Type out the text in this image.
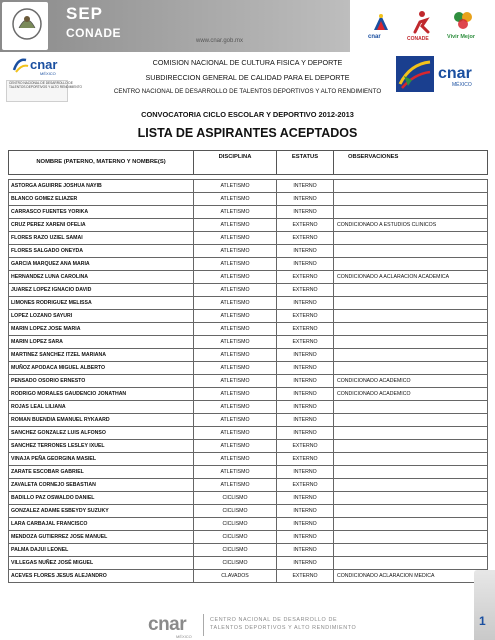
SEP
CONADE
www.cnar.gob.mx
cnar	CONADE	Vivir Mejor
cnar
MÉXICO
CENTRO NACIONAL DE DESARROLLO DE
TALENTOS DEPORTIVOS Y ALTO RENDIMIENTO
cnar
MÉXICO
COMISION NACIONAL DE CULTURA FISICA Y DEPORTE
SUBDIRECCION GENERAL DE CALIDAD PARA EL DEPORTE
CENTRO NACIONAL DE DESARROLLO DE TALENTOS DEPORTIVOS Y ALTO RENDIMIENTO
CONVOCATORIA CICLO ESCOLAR Y DEPORTIVO 2012-2013
LISTA DE ASPIRANTES ACEPTADOS
NOMBRE (PATERNO, MATERNO Y NOMBRE(S)	DISCIPLINA	ESTATUS	OBSERVACIONES

ASTORGA AGUIRRE JOSHUA NAYIB	ATLETISMO	INTERNO	
BLANCO GOMEZ ELIAZER	ATLETISMO	INTERNO	
CARRASCO FUENTES YORIKA	ATLETISMO	INTERNO	
CRUZ PEREZ XARENI OFELIA	ATLETISMO	EXTERNO	CONDICIONADO A ESTUDIOS CLINICOS
FLORES RAZO UZIEL SAMAI	ATLETISMO	EXTERNO	
FLORES SALGADO ONEYDA	ATLETISMO	INTERNO	
GARCIA MARQUEZ ANA MARIA	ATLETISMO	INTERNO	
HERNANDEZ LUNA CAROLINA	ATLETISMO	EXTERNO	CONDICIONADO A ACLARACION ACADEMICA
JUAREZ LOPEZ IGNACIO DAVID	ATLETISMO	EXTERNO	
LIMONES RODRIGUEZ MELISSA	ATLETISMO	INTERNO	
LOPEZ LOZANO SAYURI	ATLETISMO	EXTERNO	
MARIN LOPEZ JOSE MARIA	ATLETISMO	EXTERNO	
MARIN LOPEZ SARA	ATLETISMO	EXTERNO	
MARTINEZ SANCHEZ ITZEL MARIANA	ATLETISMO	INTERNO	
MUÑOZ APODACA MIGUEL ALBERTO	ATLETISMO	INTERNO	
PENSADO OSORIO ERNESTO	ATLETISMO	INTERNO	CONDICIONADO ACADEMICO
RODRIGO MORALES GAUDENCIO JONATHAN	ATLETISMO	INTERNO	CONDICIONADO ACADEMICO
ROJAS LEAL LILIANA	ATLETISMO	INTERNO	
ROMAN BUENDIA EMANUEL RYKAARD	ATLETISMO	INTERNO	
SANCHEZ GONZALEZ LUIS ALFONSO	ATLETISMO	INTERNO	
SANCHEZ TERRONES LESLEY IXUEL	ATLETISMO	EXTERNO	
VINAJA PEÑA GEORGINA MASIEL	ATLETISMO	EXTERNO	
ZARATE ESCOBAR GABRIEL	ATLETISMO	INTERNO	
ZAVALETA CORNEJO SEBASTIAN	ATLETISMO	EXTERNO	
BADILLO PAZ OSWALDO DANIEL	CICLISMO	INTERNO	
GONZALEZ ADAME ESBEYDY SUZUKY	CICLISMO	INTERNO	
LARA CARBAJAL FRANCISCO	CICLISMO	INTERNO	
MENDOZA GUTIERREZ JOSE MANUEL	CICLISMO	INTERNO	
PALMA DAJUI LEONEL	CICLISMO	INTERNO	
VILLEGAS NUÑEZ JOSÉ MIGUEL	CICLISMO	INTERNO	
ACEVES FLORES JESUS ALEJANDRO	CLAVADOS	EXTERNO	CONDICIONADO ACLARACION MEDICA
cnar
MÉXICO
CENTRO NACIONAL DE DESARROLLO DE
TALENTOS DEPORTIVOS Y ALTO RENDIMIENTO	1
